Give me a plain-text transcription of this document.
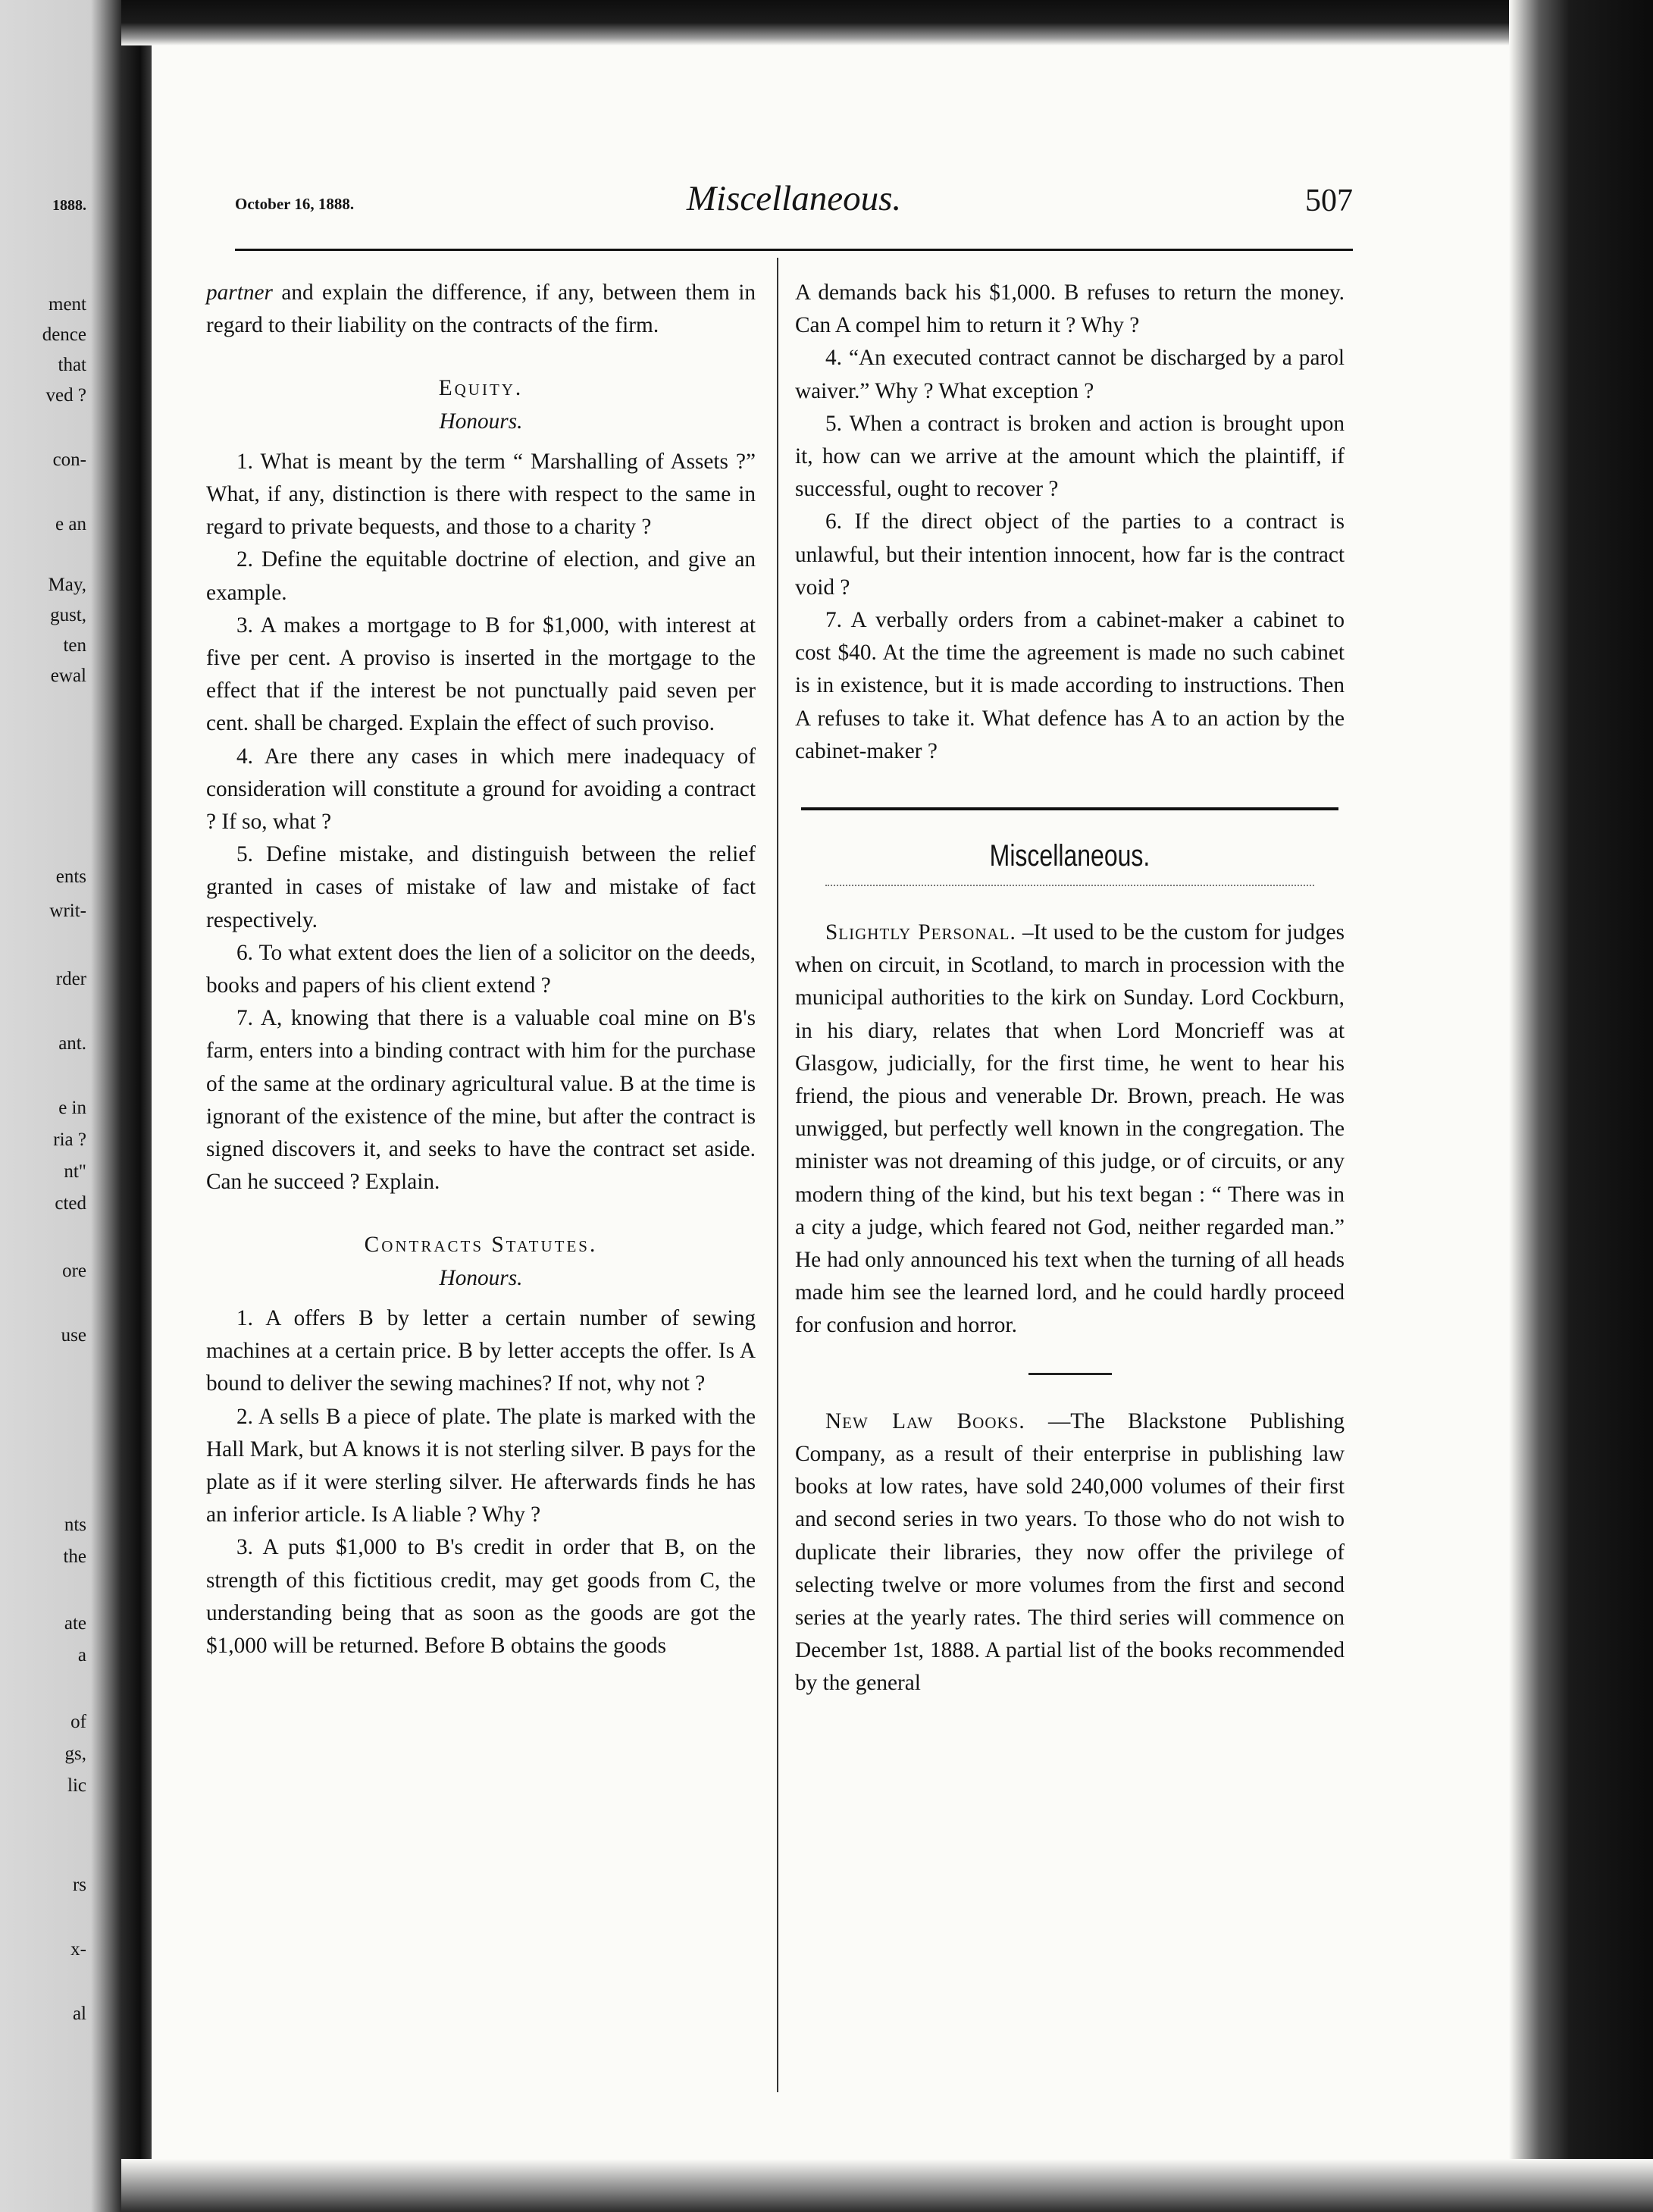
1888.
ment
dence
that
ved ?
con-
e an
May,
gust,
ten
ewal
ents
writ-
rder
ant.
e in
ria ?
nt"
cted
ore
use
nts
the
ate
a
of
gs,
lic
rs
x-
al
October 16, 1888.	Miscellaneous.	507

partner and explain the difference, if any, between them in regard to their liability on the contracts of the firm.

Equity.
Honours.

1. What is meant by the term “ Marshalling of Assets ?” What, if any, distinction is there with respect to the same in regard to private bequests, and those to a charity ?

2. Define the equitable doctrine of election, and give an example.

3. A makes a mortgage to B for $1,000, with interest at five per cent. A proviso is inserted in the mortgage to the effect that if the interest be not punctually paid seven per cent. shall be charged. Explain the effect of such proviso.

4. Are there any cases in which mere inadequacy of consideration will constitute a ground for avoiding a contract ? If so, what ?

5. Define mistake, and distinguish between the relief granted in cases of mistake of law and mistake of fact respectively.

6. To what extent does the lien of a solicitor on the deeds, books and papers of his client extend ?

7. A, knowing that there is a valuable coal mine on B's farm, enters into a binding contract with him for the purchase of the same at the ordinary agricultural value. B at the time is ignorant of the existence of the mine, but after the contract is signed discovers it, and seeks to have the contract set aside. Can he succeed ? Explain.

Contracts Statutes.
Honours.

1. A offers B by letter a certain number of sewing machines at a certain price. B by letter accepts the offer. Is A bound to deliver the sewing machines? If not, why not ?

2. A sells B a piece of plate. The plate is marked with the Hall Mark, but A knows it is not sterling silver. B pays for the plate as if it were sterling silver. He afterwards finds he has an inferior article. Is A liable ? Why ?

3. A puts $1,000 to B's credit in order that B, on the strength of this fictitious credit, may get goods from C, the understanding being that as soon as the goods are got the $1,000 will be returned. Before B obtains the goods

A demands back his $1,000. B refuses to return the money. Can A compel him to return it ? Why ?

4. “An executed contract cannot be discharged by a parol waiver.” Why ? What exception ?

5. When a contract is broken and action is brought upon it, how can we arrive at the amount which the plaintiff, if successful, ought to recover ?

6. If the direct object of the parties to a contract is unlawful, but their intention innocent, how far is the contract void ?

7. A verbally orders from a cabinet-maker a cabinet to cost $40. At the time the agreement is made no such cabinet is in existence, but it is made according to instructions. Then A refuses to take it. What defence has A to an action by the cabinet-maker ?

Miscellaneous.

Slightly Personal. –It used to be the custom for judges when on circuit, in Scotland, to march in procession with the municipal authorities to the kirk on Sunday. Lord Cockburn, in his diary, relates that when Lord Moncrieff was at Glasgow, judicially, for the first time, he went to hear his friend, the pious and venerable Dr. Brown, preach. He was unwigged, but perfectly well known in the congregation. The minister was not dreaming of this judge, or of circuits, or any modern thing of the kind, but his text began : “ There was in a city a judge, which feared not God, neither regarded man.” He had only announced his text when the turning of all heads made him see the learned lord, and he could hardly proceed for confusion and horror.

New Law Books. —The Blackstone Publishing Company, as a result of their enterprise in publishing law books at low rates, have sold 240,000 volumes of their first and second series in two years. To those who do not wish to duplicate their libraries, they now offer the privilege of selecting twelve or more volumes from the first and second series at the yearly rates. The third series will commence on December 1st, 1888. A partial list of the books recommended by the general
